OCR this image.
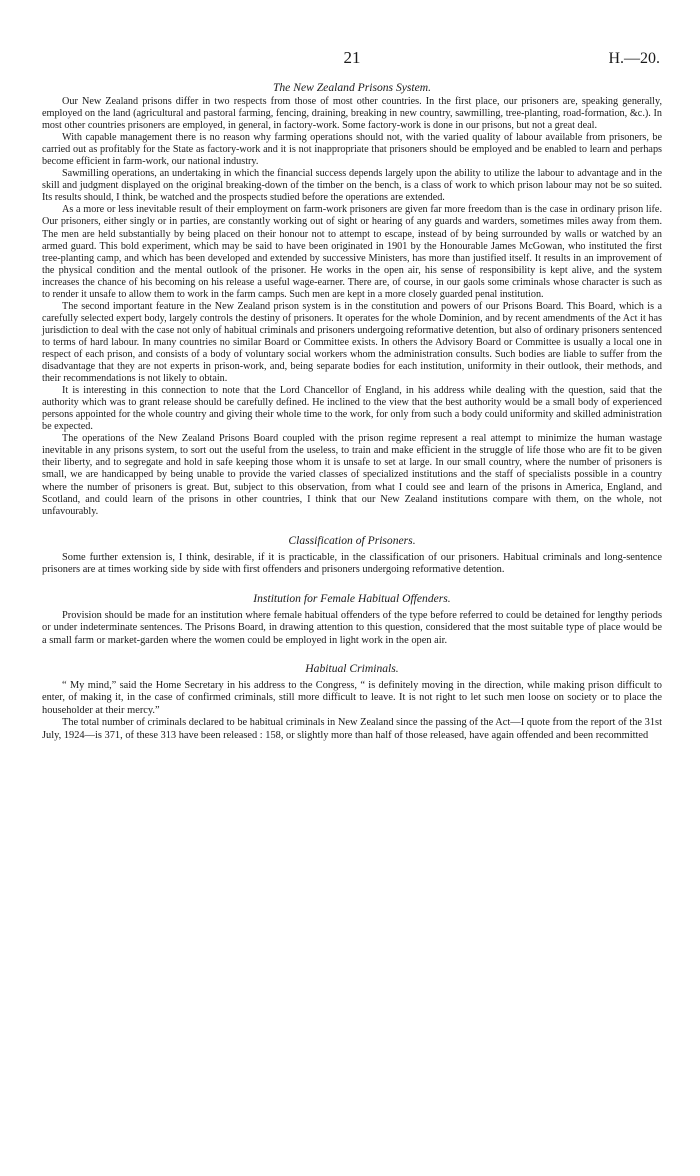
21	H.—20.
The New Zealand Prisons System.

Our New Zealand prisons differ in two respects from those of most other countries. In the first place, our prisoners are, speaking generally, employed on the land (agricultural and pastoral farming, fencing, draining, breaking in new country, sawmilling, tree-planting, road-formation, &c.). In most other countries prisoners are employed, in general, in factory-work. Some factory-work is done in our prisons, but not a great deal.

With capable management there is no reason why farming operations should not, with the varied quality of labour available from prisoners, be carried out as profitably for the State as factory-work and it is not inappropriate that prisoners should be employed and be enabled to learn and perhaps become efficient in farm-work, our national industry.

Sawmilling operations, an undertaking in which the financial success depends largely upon the ability to utilize the labour to advantage and in the skill and judgment displayed on the original breaking-down of the timber on the bench, is a class of work to which prison labour may not be so suited. Its results should, I think, be watched and the prospects studied before the operations are extended.

As a more or less inevitable result of their employment on farm-work prisoners are given far more freedom than is the case in ordinary prison life. Our prisoners, either singly or in parties, are constantly working out of sight or hearing of any guards and warders, sometimes miles away from them. The men are held substantially by being placed on their honour not to attempt to escape, instead of by being surrounded by walls or watched by an armed guard. This bold experiment, which may be said to have been originated in 1901 by the Honourable James McGowan, who instituted the first tree-planting camp, and which has been developed and extended by successive Ministers, has more than justified itself. It results in an improvement of the physical condition and the mental outlook of the prisoner. He works in the open air, his sense of responsibility is kept alive, and the system increases the chance of his becoming on his release a useful wage-earner. There are, of course, in our gaols some criminals whose character is such as to render it unsafe to allow them to work in the farm camps. Such men are kept in a more closely guarded penal institution.

The second important feature in the New Zealand prison system is in the constitution and powers of our Prisons Board. This Board, which is a carefully selected expert body, largely controls the destiny of prisoners. It operates for the whole Dominion, and by recent amendments of the Act it has jurisdiction to deal with the case not only of habitual criminals and prisoners undergoing reformative detention, but also of ordinary prisoners sentenced to terms of hard labour. In many countries no similar Board or Committee exists. In others the Advisory Board or Committee is usually a local one in respect of each prison, and consists of a body of voluntary social workers whom the administration consults. Such bodies are liable to suffer from the disadvantage that they are not experts in prison-work, and, being separate bodies for each institution, uniformity in their outlook, their methods, and their recommendations is not likely to obtain.

It is interesting in this connection to note that the Lord Chancellor of England, in his address while dealing with the question, said that the authority which was to grant release should be carefully defined. He inclined to the view that the best authority would be a small body of experienced persons appointed for the whole country and giving their whole time to the work, for only from such a body could uniformity and skilled administration be expected.

The operations of the New Zealand Prisons Board coupled with the prison regime represent a real attempt to minimize the human wastage inevitable in any prisons system, to sort out the useful from the useless, to train and make efficient in the struggle of life those who are fit to be given their liberty, and to segregate and hold in safe keeping those whom it is unsafe to set at large. In our small country, where the number of prisoners is small, we are handicapped by being unable to provide the varied classes of specialized institutions and the staff of specialists possible in a country where the number of prisoners is great. But, subject to this observation, from what I could see and learn of the prisons in America, England, and Scotland, and could learn of the prisons in other countries, I think that our New Zealand institutions compare with them, on the whole, not unfavourably.

Classification of Prisoners.

Some further extension is, I think, desirable, if it is practicable, in the classification of our prisoners. Habitual criminals and long-sentence prisoners are at times working side by side with first offenders and prisoners undergoing reformative detention.

Institution for Female Habitual Offenders.

Provision should be made for an institution where female habitual offenders of the type before referred to could be detained for lengthy periods or under indeterminate sentences. The Prisons Board, in drawing attention to this question, considered that the most suitable type of place would be a small farm or market-garden where the women could be employed in light work in the open air.

Habitual Criminals.

“ My mind,” said the Home Secretary in his address to the Congress, “ is definitely moving in the direction, while making prison difficult to enter, of making it, in the case of confirmed criminals, still more difficult to leave. It is not right to let such men loose on society or to place the householder at their mercy.”

The total number of criminals declared to be habitual criminals in New Zealand since the passing of the Act—I quote from the report of the 31st July, 1924—is 371, of these 313 have been released : 158, or slightly more than half of those released, have again offended and been recommitted
